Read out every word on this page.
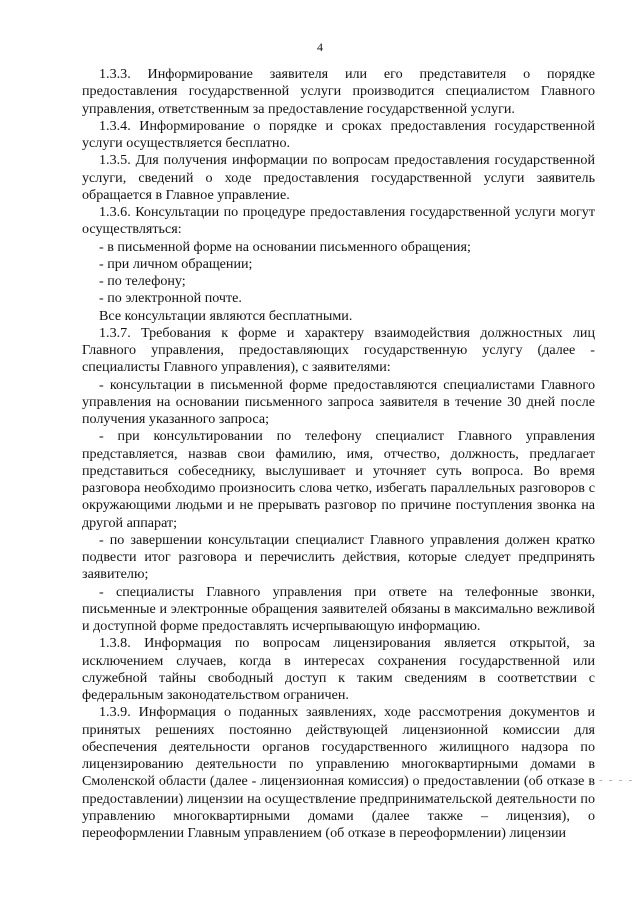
4

1.3.3. Информирование заявителя или его представителя о порядке предоставления государственной услуги производится специалистом Главного управления, ответственным за предоставление государственной услуги.

1.3.4. Информирование о порядке и сроках предоставления государственной услуги осуществляется бесплатно.

1.3.5. Для получения информации по вопросам предоставления государственной услуги, сведений о ходе предоставления государственной услуги заявитель обращается в Главное управление.

1.3.6. Консультации по процедуре предоставления государственной услуги могут осуществляться:

- в письменной форме на основании письменного обращения;

- при личном обращении;

- по телефону;

- по электронной почте.

Все консультации являются бесплатными.

1.3.7. Требования к форме и характеру взаимодействия должностных лиц Главного управления, предоставляющих государственную услугу (далее - специалисты Главного управления), с заявителями:

- консультации в письменной форме предоставляются специалистами Главного управления на основании письменного запроса заявителя в течение 30 дней после получения указанного запроса;

- при консультировании по телефону специалист Главного управления представляется, назвав свои фамилию, имя, отчество, должность, предлагает представиться собеседнику, выслушивает и уточняет суть вопроса. Во время разговора необходимо произносить слова четко, избегать параллельных разговоров с окружающими людьми и не прерывать разговор по причине поступления звонка на другой аппарат;

- по завершении консультации специалист Главного управления должен кратко подвести итог разговора и перечислить действия, которые следует предпринять заявителю;

- специалисты Главного управления при ответе на телефонные звонки, письменные и электронные обращения заявителей обязаны в максимально вежливой и доступной форме предоставлять исчерпывающую информацию.

1.3.8. Информация по вопросам лицензирования является открытой, за исключением случаев, когда в интересах сохранения государственной или служебной тайны свободный доступ к таким сведениям в соответствии с федеральным законодательством ограничен.

1.3.9. Информация о поданных заявлениях, ходе рассмотрения документов и принятых решениях постоянно действующей лицензионной комиссии для обеспечения деятельности органов государственного жилищного надзора по лицензированию деятельности по управлению многоквартирными домами в Смоленской области (далее - лицензионная комиссия) о предоставлении (об отказе в предоставлении) лицензии на осуществление предпринимательской деятельности по управлению многоквартирными домами (далее также – лицензия), о переоформлении Главным управлением (об отказе в переоформлении) лицензии

- - - -
